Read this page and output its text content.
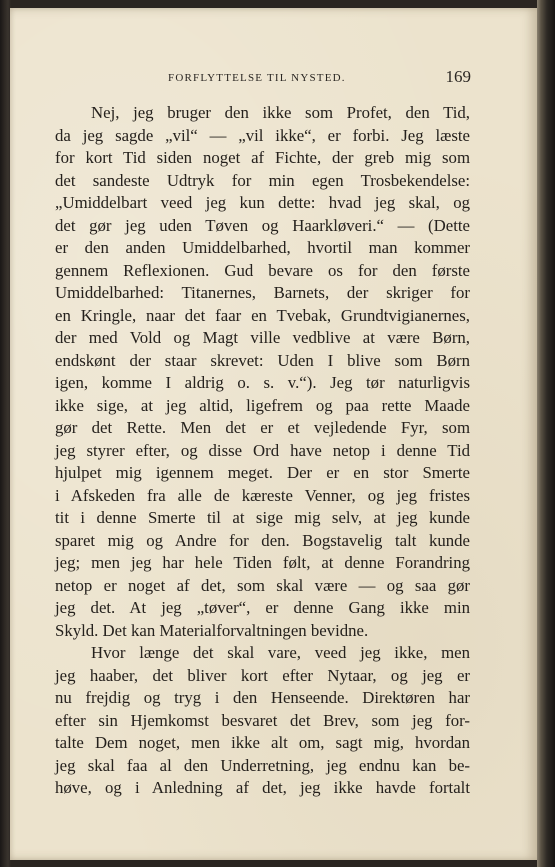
FORFLYTTELSE TIL NYSTED.	169
Nej, jeg bruger den ikke som Profet, den Tid,
da jeg sagde „vil“ — „vil ikke“, er forbi. Jeg læste
for kort Tid siden noget af Fichte, der greb mig som
det sandeste Udtryk for min egen Trosbekendelse:
„Umiddelbart veed jeg kun dette: hvad jeg skal, og
det gør jeg uden Tøven og Haarkløveri.“ — (Dette
er den anden Umiddelbarhed, hvortil man kommer
gennem Reflexionen. Gud bevare os for den første
Umiddelbarhed: Titanernes, Barnets, der skriger for
en Kringle, naar det faar en Tvebak, Grundtvigianernes,
der med Vold og Magt ville vedblive at være Børn,
endskønt der staar skrevet: Uden I blive som Børn
igen, komme I aldrig o. s. v.“). Jeg tør naturligvis
ikke sige, at jeg altid, ligefrem og paa rette Maade
gør det Rette. Men det er et vejledende Fyr, som
jeg styrer efter, og disse Ord have netop i denne Tid
hjulpet mig igennem meget. Der er en stor Smerte
i Afskeden fra alle de kæreste Venner, og jeg fristes
tit i denne Smerte til at sige mig selv, at jeg kunde
sparet mig og Andre for den. Bogstavelig talt kunde
jeg; men jeg har hele Tiden følt, at denne Forandring
netop er noget af det, som skal være — og saa gør
jeg det. At jeg „tøver“, er denne Gang ikke min
Skyld. Det kan Materialforvaltningen bevidne.
Hvor længe det skal vare, veed jeg ikke, men
jeg haaber, det bliver kort efter Nytaar, og jeg er
nu frejdig og tryg i den Henseende. Direktøren har
efter sin Hjemkomst besvaret det Brev, som jeg for-
talte Dem noget, men ikke alt om, sagt mig, hvordan
jeg skal faa al den Underretning, jeg endnu kan be-
høve, og i Anledning af det, jeg ikke havde fortalt
